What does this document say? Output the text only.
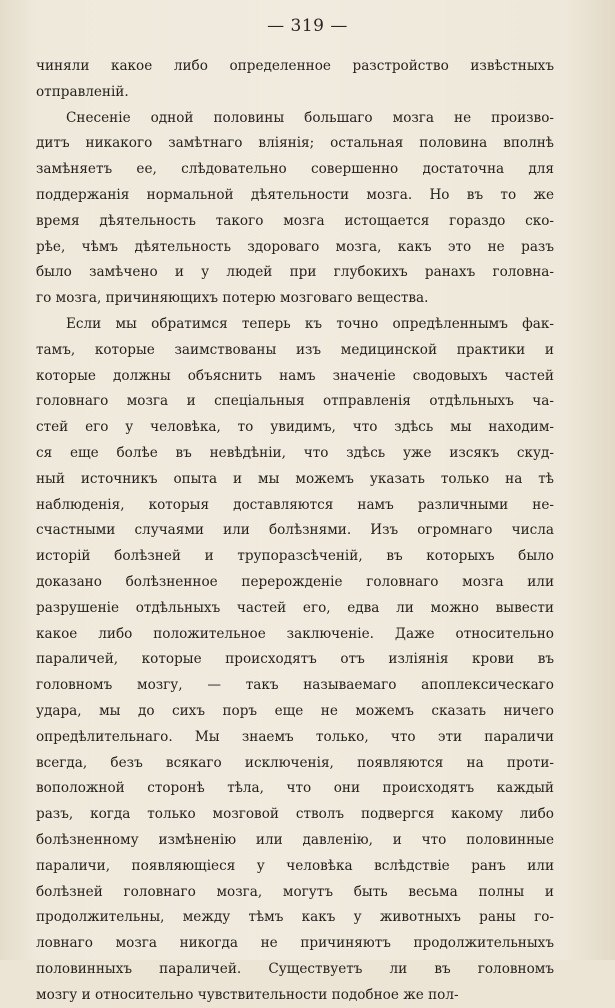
— 319 —
чиняли какое либо определенное разстройство извѣстныхъ
отправленій.
Снесеніе одной половины большаго мозга не произво-
дитъ никакого замѣтнаго вліянія; остальная половина вполнѣ
замѣняетъ ее, слѣдовательно совершенно достаточна для
поддержанія нормальной дѣятельности мозга. Но въ то же
время дѣятельность такого мозга истощается гораздо ско-
рѣе, чѣмъ дѣятельность здороваго мозга, какъ это не разъ
было замѣчено и у людей при глубокихъ ранахъ головна-
го мозга, причиняющихъ потерю мозговаго вещества.
Если мы обратимся теперь къ точно опредѣленнымъ фак-
тамъ, которые заимствованы изъ медицинской практики и
которые должны объяснить намъ значеніе сводовыхъ частей
головнаго мозга и спеціальныя отправленія отдѣльныхъ ча-
стей его у человѣка, то увидимъ, что здѣсь мы находим-
ся еще болѣе въ невѣдѣніи, что здѣсь уже изсякъ скуд-
ный источникъ опыта и мы можемъ указать только на тѣ
наблюденія, которыя доставляются намъ различными не-
счастными случаями или болѣзнями. Изъ огромнаго числа
исторій болѣзней и трупоразсѣченій, въ которыхъ было
доказано болѣзненное перерожденіе головнаго мозга или
разрушеніе отдѣльныхъ частей его, едва ли можно вывести
какое либо положительное заключеніе. Даже относительно
параличей, которые происходятъ отъ изліянія крови въ
головномъ мозгу, — такъ называемаго апоплексическаго
удара, мы до сихъ поръ еще не можемъ сказать ничего
опредѣлительнаго. Мы знаемъ только, что эти параличи
всегда, безъ всякаго исключенія, появляются на проти-
воположной сторонѣ тѣла, что они происходятъ каждый
разъ, когда только мозговой стволъ подвергся какому либо
болѣзненному измѣненію или давленію, и что половинные
параличи, появляющіеся у человѣка вслѣдствіе ранъ или
болѣзней головнаго мозга, могутъ быть весьма полны и
продолжительны, между тѣмъ какъ у животныхъ раны го-
ловнаго мозга никогда не причиняютъ продолжительныхъ
половинныхъ параличей. Существуетъ ли въ головномъ
мозгу и относительно чувствительности подобное же пол-
